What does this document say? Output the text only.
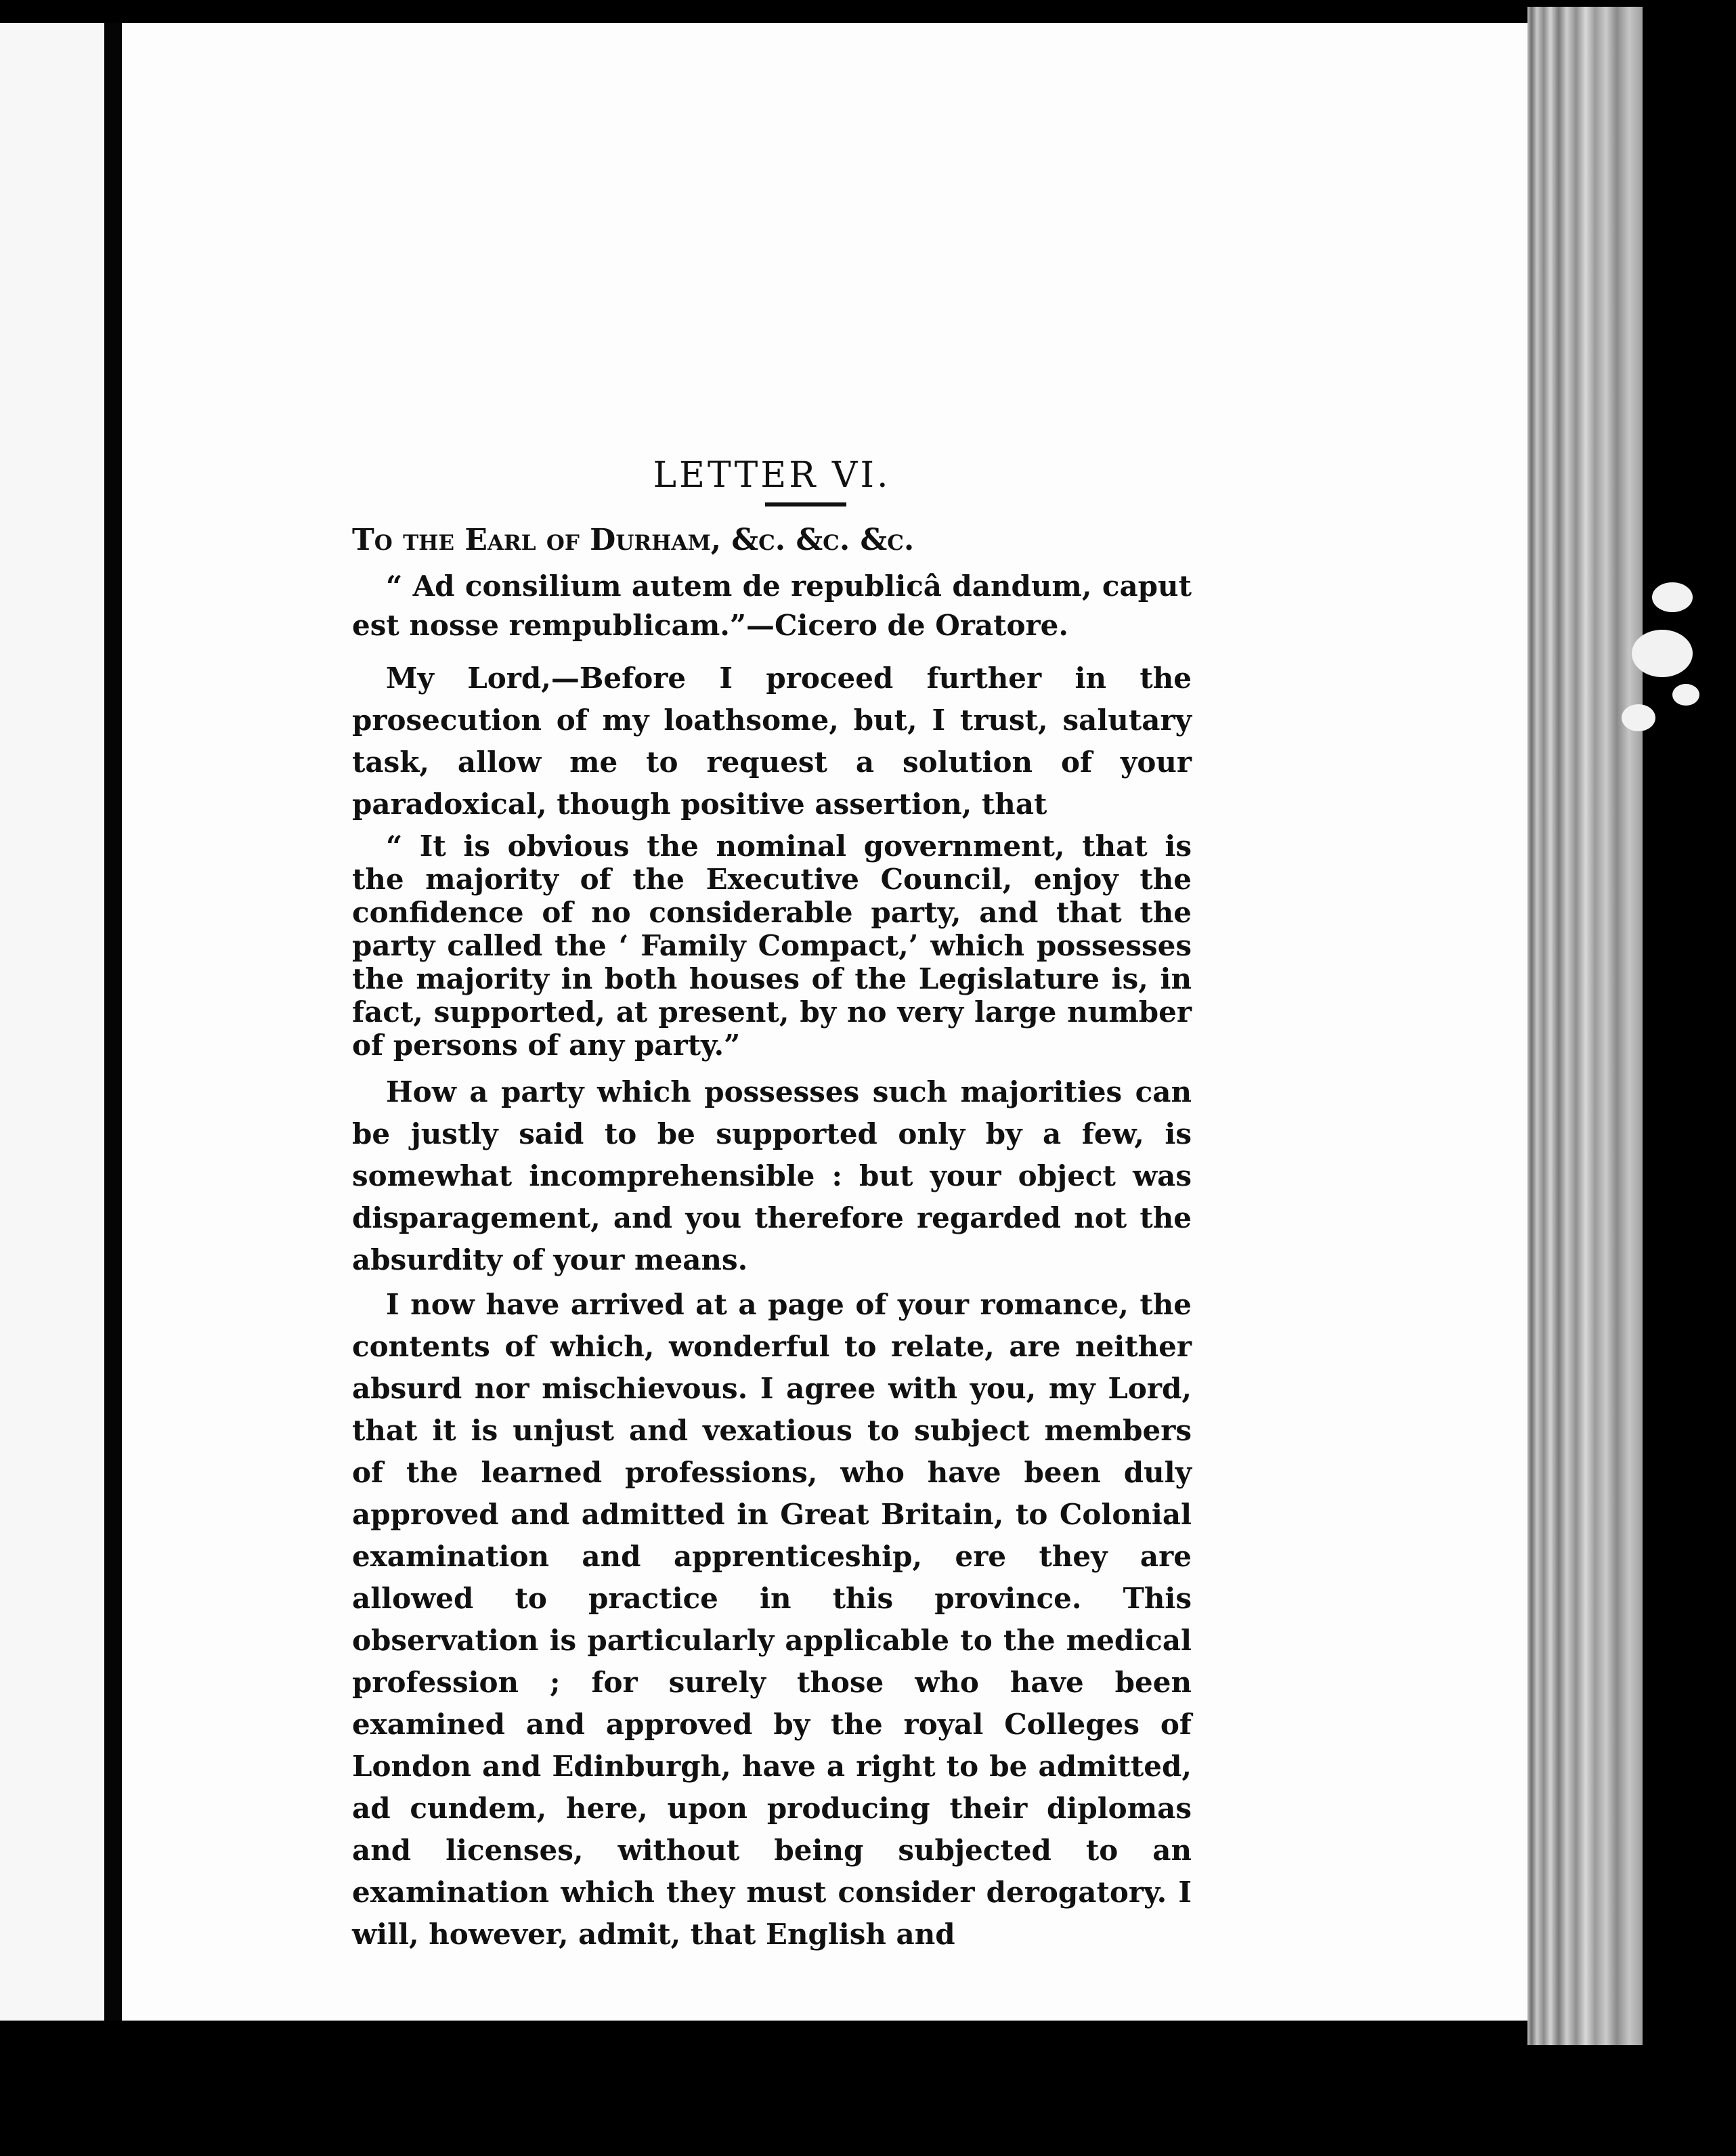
LETTER VI.
To the Earl of Durham, &c. &c. &c.
“ Ad consilium autem de republicâ dandum, caput est nosse rempublicam.”—Cicero de Oratore.
My Lord,—Before I proceed further in the prosecution of my loathsome, but, I trust, salutary task, allow me to request a solution of your paradoxical, though positive assertion, that
“ It is obvious the nominal government, that is the majority of the Executive Council, enjoy the confidence of no considerable party, and that the party called the ‘ Family Compact,’ which possesses the majority in both houses of the Legislature is, in fact, supported, at present, by no very large number of persons of any party.”
How a party which possesses such majorities can be justly said to be supported only by a few, is somewhat incomprehensible : but your object was disparagement, and you therefore regarded not the absurdity of your means.
I now have arrived at a page of your romance, the contents of which, wonderful to relate, are neither absurd nor mischievous. I agree with you, my Lord, that it is unjust and vexatious to subject members of the learned professions, who have been duly approved and admitted in Great Britain, to Colonial examination and apprenticeship, ere they are allowed to practice in this province. This observation is particularly applicable to the medical profession ; for surely those who have been examined and approved by the royal Colleges of London and Edinburgh, have a right to be admitted, ad cundem, here, upon producing their diplomas and licenses, without being subjected to an examination which they must consider derogatory. I will, however, admit, that English and
